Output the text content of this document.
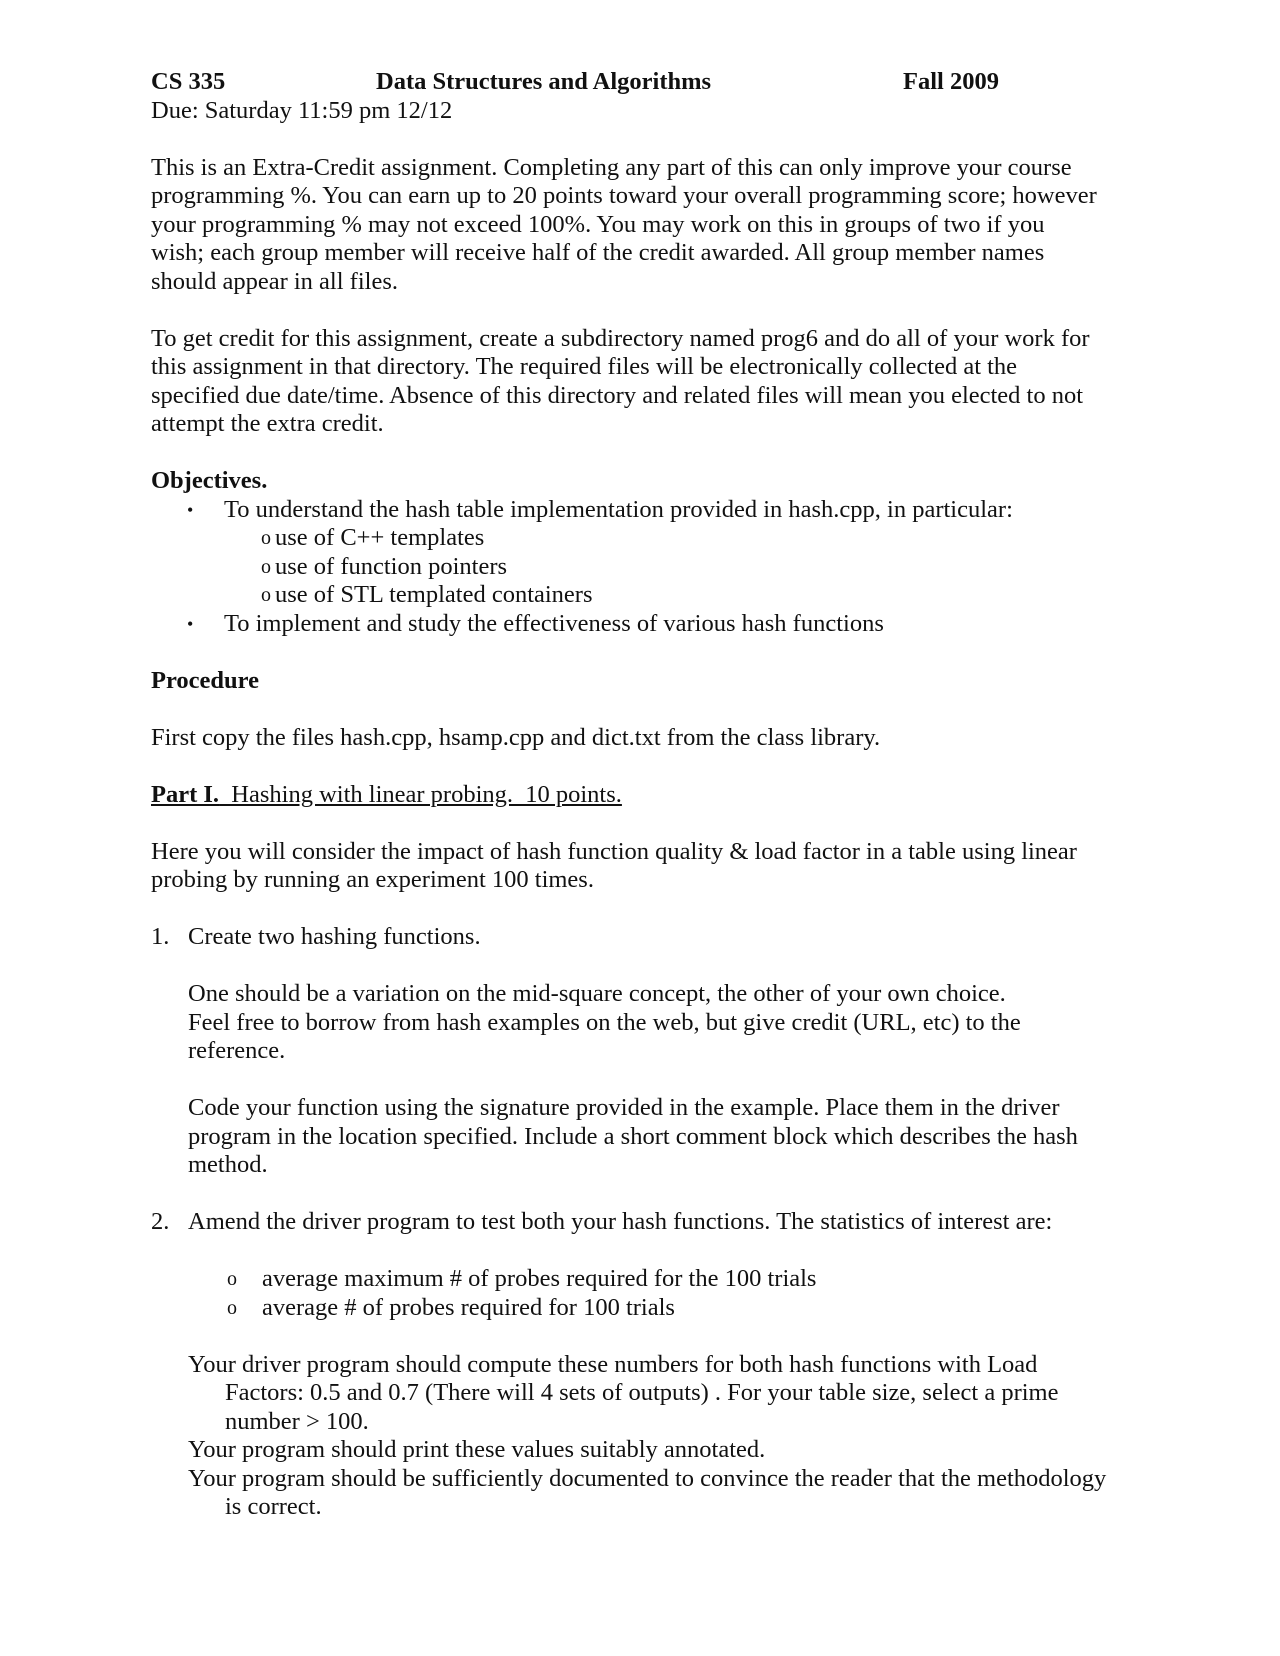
CS 335	Data Structures and Algorithms	Fall 2009

Due: Saturday 11:59 pm 12/12

This is an Extra-Credit assignment. Completing any part of this can only improve your course

programming %. You can earn up to 20 points toward your overall programming score; however

your programming % may not exceed 100%. You may work on this in groups of two if you

wish; each group member will receive half of the credit awarded. All group member names

should appear in all files.

To get credit for this assignment, create a subdirectory named prog6 and do all of your work for

this assignment in that directory. The required files will be electronically collected at the

specified due date/time. Absence of this directory and related files will mean you elected to not

attempt the extra credit.

Objectives.

• To understand the hash table implementation provided in hash.cpp, in particular:
o use of C++ templates
o use of function pointers
o use of STL templated containers
• To implement and study the effectiveness of various hash functions

Procedure

First copy the files hash.cpp, hsamp.cpp and dict.txt from the class library.

Part I.  Hashing with linear probing.  10 points.

Here you will consider the impact of hash function quality & load factor in a table using linear

probing by running an experiment 100 times.

1. Create two hashing functions.

One should be a variation on the mid-square concept, the other of your own choice.

Feel free to borrow from hash examples on the web, but give credit (URL, etc) to the

reference.

Code your function using the signature provided in the example. Place them in the driver

program in the location specified. Include a short comment block which describes the hash

method.

2. Amend the driver program to test both your hash functions. The statistics of interest are:

o average maximum # of probes required for the 100 trials
o average # of probes required for 100 trials

Your driver program should compute these numbers for both hash functions with Load

Factors: 0.5 and 0.7 (There will 4 sets of outputs) . For your table size, select a prime

number > 100.

Your program should print these values suitably annotated.

Your program should be sufficiently documented to convince the reader that the methodology

is correct.
